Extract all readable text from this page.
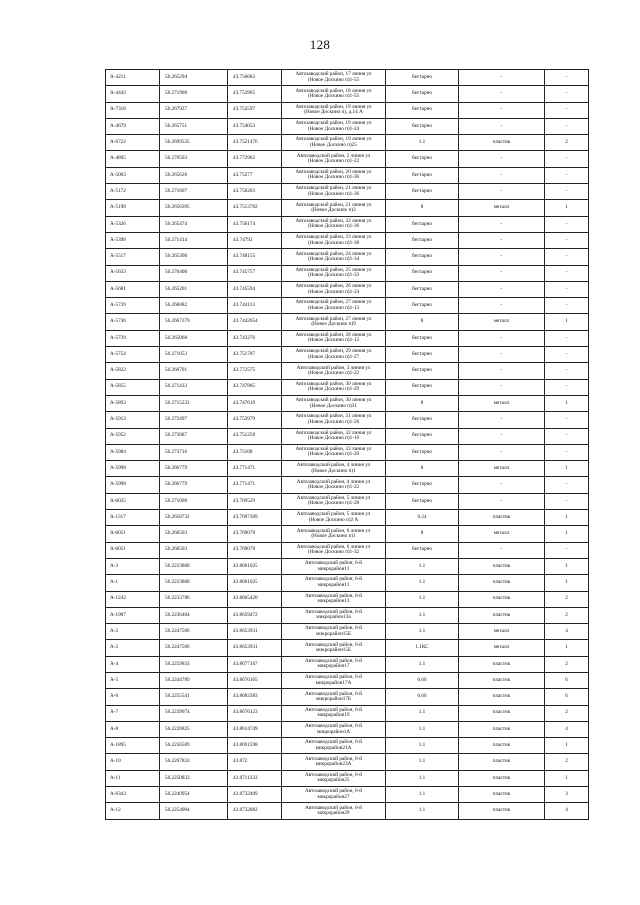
128
А-4211	56.265294	43.756683	Автозаводский район, 17 линия ул
(Новое Доскино п)1-55	бестарно	-	-
А-4443	56.271908	43.753905	Автозаводский район, 18 линия ул
(Новое Доскино п)1-55	бестарно	-	-
А-7318	56.267937	43.752597	Автозаводский район, 19 линия ул
(Новое Доскино п), д.14 А	бестарно	-	-
А-4679	56.265751	43.754053	Автозаводский район, 19 линия ул
(Новое Доскино п)1-24	бестарно	-	-
А-6722	56.2699535	43.7521476	Автозаводский район, 19 линия ул
(Новое Доскино п)25	1.1	пластик	2
А-4805	56.270503	43.772962	Автозаводский район, 2 линия ул
(Новое Доскино п)1-22	бестарно	-	-
А-5003	56.265626	43.75277	Автозаводский район, 20 линия ул
(Новое Доскино п)1-36	бестарно	-	-
А-5172	56.271607	43.750203	Автозаводский район, 21 линия ул
(Новое Доскино п)1-36	бестарно	-	-
А-5198	56.2656395	43.7513782	Автозаводский район, 21 линия ул
(Новое Доскино п)2	8	металл	1
А-5326	56.265474	43.750174	Автозаводский район, 22 линия ул
(Новое Доскино п)1-36	бестарно	-	-
А-5398	56.271414	43.74792	Автозаводский район, 23 линия ул
(Новое Доскино п)1-38	бестарно	-	-
А-5517	56.265308	43.748155	Автозаводский район, 24 линия ул
(Новое Доскино п)1-34	бестарно	-	-
А-5633	56.270408	43.745757	Автозаводский район, 25 линия ул
(Новое Доскино п)1-33	бестарно	-	-
А-5681	56.265201	43.745594	Автозаводский район, 26 линия ул
(Новое Доскино п)1-24	бестарно	-	-
А-5739	56.266082	43.744113	Автозаводский район, 27 линия ул
(Новое Доскино п)1-13	бестарно	-	-
А-5736	56.2667379	43.7442654	Автозаводский район, 27 линия ул
(Новое Доскино п)9	8	металл	1
А-5739	56.265068	43.743276	Автозаводский район, 28 линия ул
(Новое Доскино п)1-12	бестарно	-	-
А-5754	56.271053	43.751707	Автозаводский район, 29 линия ул
(Новое Доскино п)1-27	бестарно	-	-
А-5822	56.266791	43.772575	Автозаводский район, 3 линия ул
(Новое Доскино п)1-22	бестарно	-	-
А-5855	56.271433	43.747885	Автозаводский район, 30 линия ул
(Новое Доскино п)1-29	бестарно	-	-
А-5893	56.2715232	43.747619	Автозаводский район, 30 линия ул
(Новое Доскино п)31	8	металл	1
А-5913	56.272497	43.753979	Автозаводский район, 31 линия ул
(Новое Доскино п)1-26	бестарно	-	-
А-5952	56.273087	43.751258	Автозаводский район, 32 линия ул
(Новое Доскино п)1-16	бестарно	-	-
А-5984	56.273716	43.75108	Автозаводский район, 33 линия ул
(Новое Доскино п)1-20	бестарно	-	-
А-5998	56.266779	43.771471	Автозаводский район, 4 линия ул
(Новое Доскино п)1	8	металл	1
А-5998	56.266779	43.771471	Автозаводский район, 4 линия ул
(Новое Доскино п)1-22	бестарно	-	-
А-6025	56.271008	43.769529	Автозаводский район, 5 линия ул
(Новое Доскино п)1-28	бестарно	-	-
А-1317	56.2658732	43.7697309	Автозаводский район, 5 линия ул
(Новое Доскино п)2 А	0.24	пластик	1
А-6051	56.266503	43.769078	Автозаводский район, 6 линия ул
(Новое Доскино п)1	8	металл	1
А-6051	56.266503	43.769078	Автозаводский район, 6 линия ул
(Новое Доскино п)1-32	бестарно	-	-
А-3	56.2223868	43.8661025	Автозаводский район, 6-й
микрорайон11	1.1	пластик	1
А-1	56.2223868	43.8661025	Автозаводский район, 6-й
микрорайон11	1.1	пластик	1
А-1242	56.2233786	43.8665420	Автозаводский район, 6-й
микрорайон13	1.1	пластик	2
А-1907	56.2236404	43.8659472	Автозаводский район, 6-й
микрорайон13а	1.1	пластик	2
А-2	56.2247506	43.8653931	Автозаводский район, 6-й
микрорайон15Б	1.1	металл	4
А-2	56.2247506	43.8653931	Автозаводский район, 6-й
микрорайон15Б	1.1КС	металл	1
А-4	56.2259833	43.8677167	Автозаводский район, 6-й
микрорайон17	1.1	пластик	2
А-5	56.2244789	43.8676165	Автозаводский район, 6-й
микрорайон17А	0.66	пластик	6
А-6	56.2255541	43.8682383	Автозаводский район, 6-й
микрорайон17Б	0.66	пластик	6
А-7	56.2239074	43.8676123	Автозаводский район, 6-й
микрорайон19	1.1	пластик	2
А-8	56.2220825	43.8614749	Автозаводский район, 6-й
микрорайон1А	1.1	пластик	4
А-1895	56.2256589	43.8691598	Автозаводский район, 6-й
микрорайон21А	1.1	пластик	1
А-10	56.2267833	43.872	Автозаводский район, 6-й
микрорайон23А	1.1	пластик	2
А-11	56.2250833	43.8711333	Автозаводский район, 6-й
микрорайон25	1.1	пластик	1
А-6343	56.2240954	43.8732409	Автозаводский район, 6-й
микрорайон27	1.1	пластик	3
А-12	56.2254004	43.8732082	Автозаводский район, 6-й
микрорайон29	1.1	пластик	4
